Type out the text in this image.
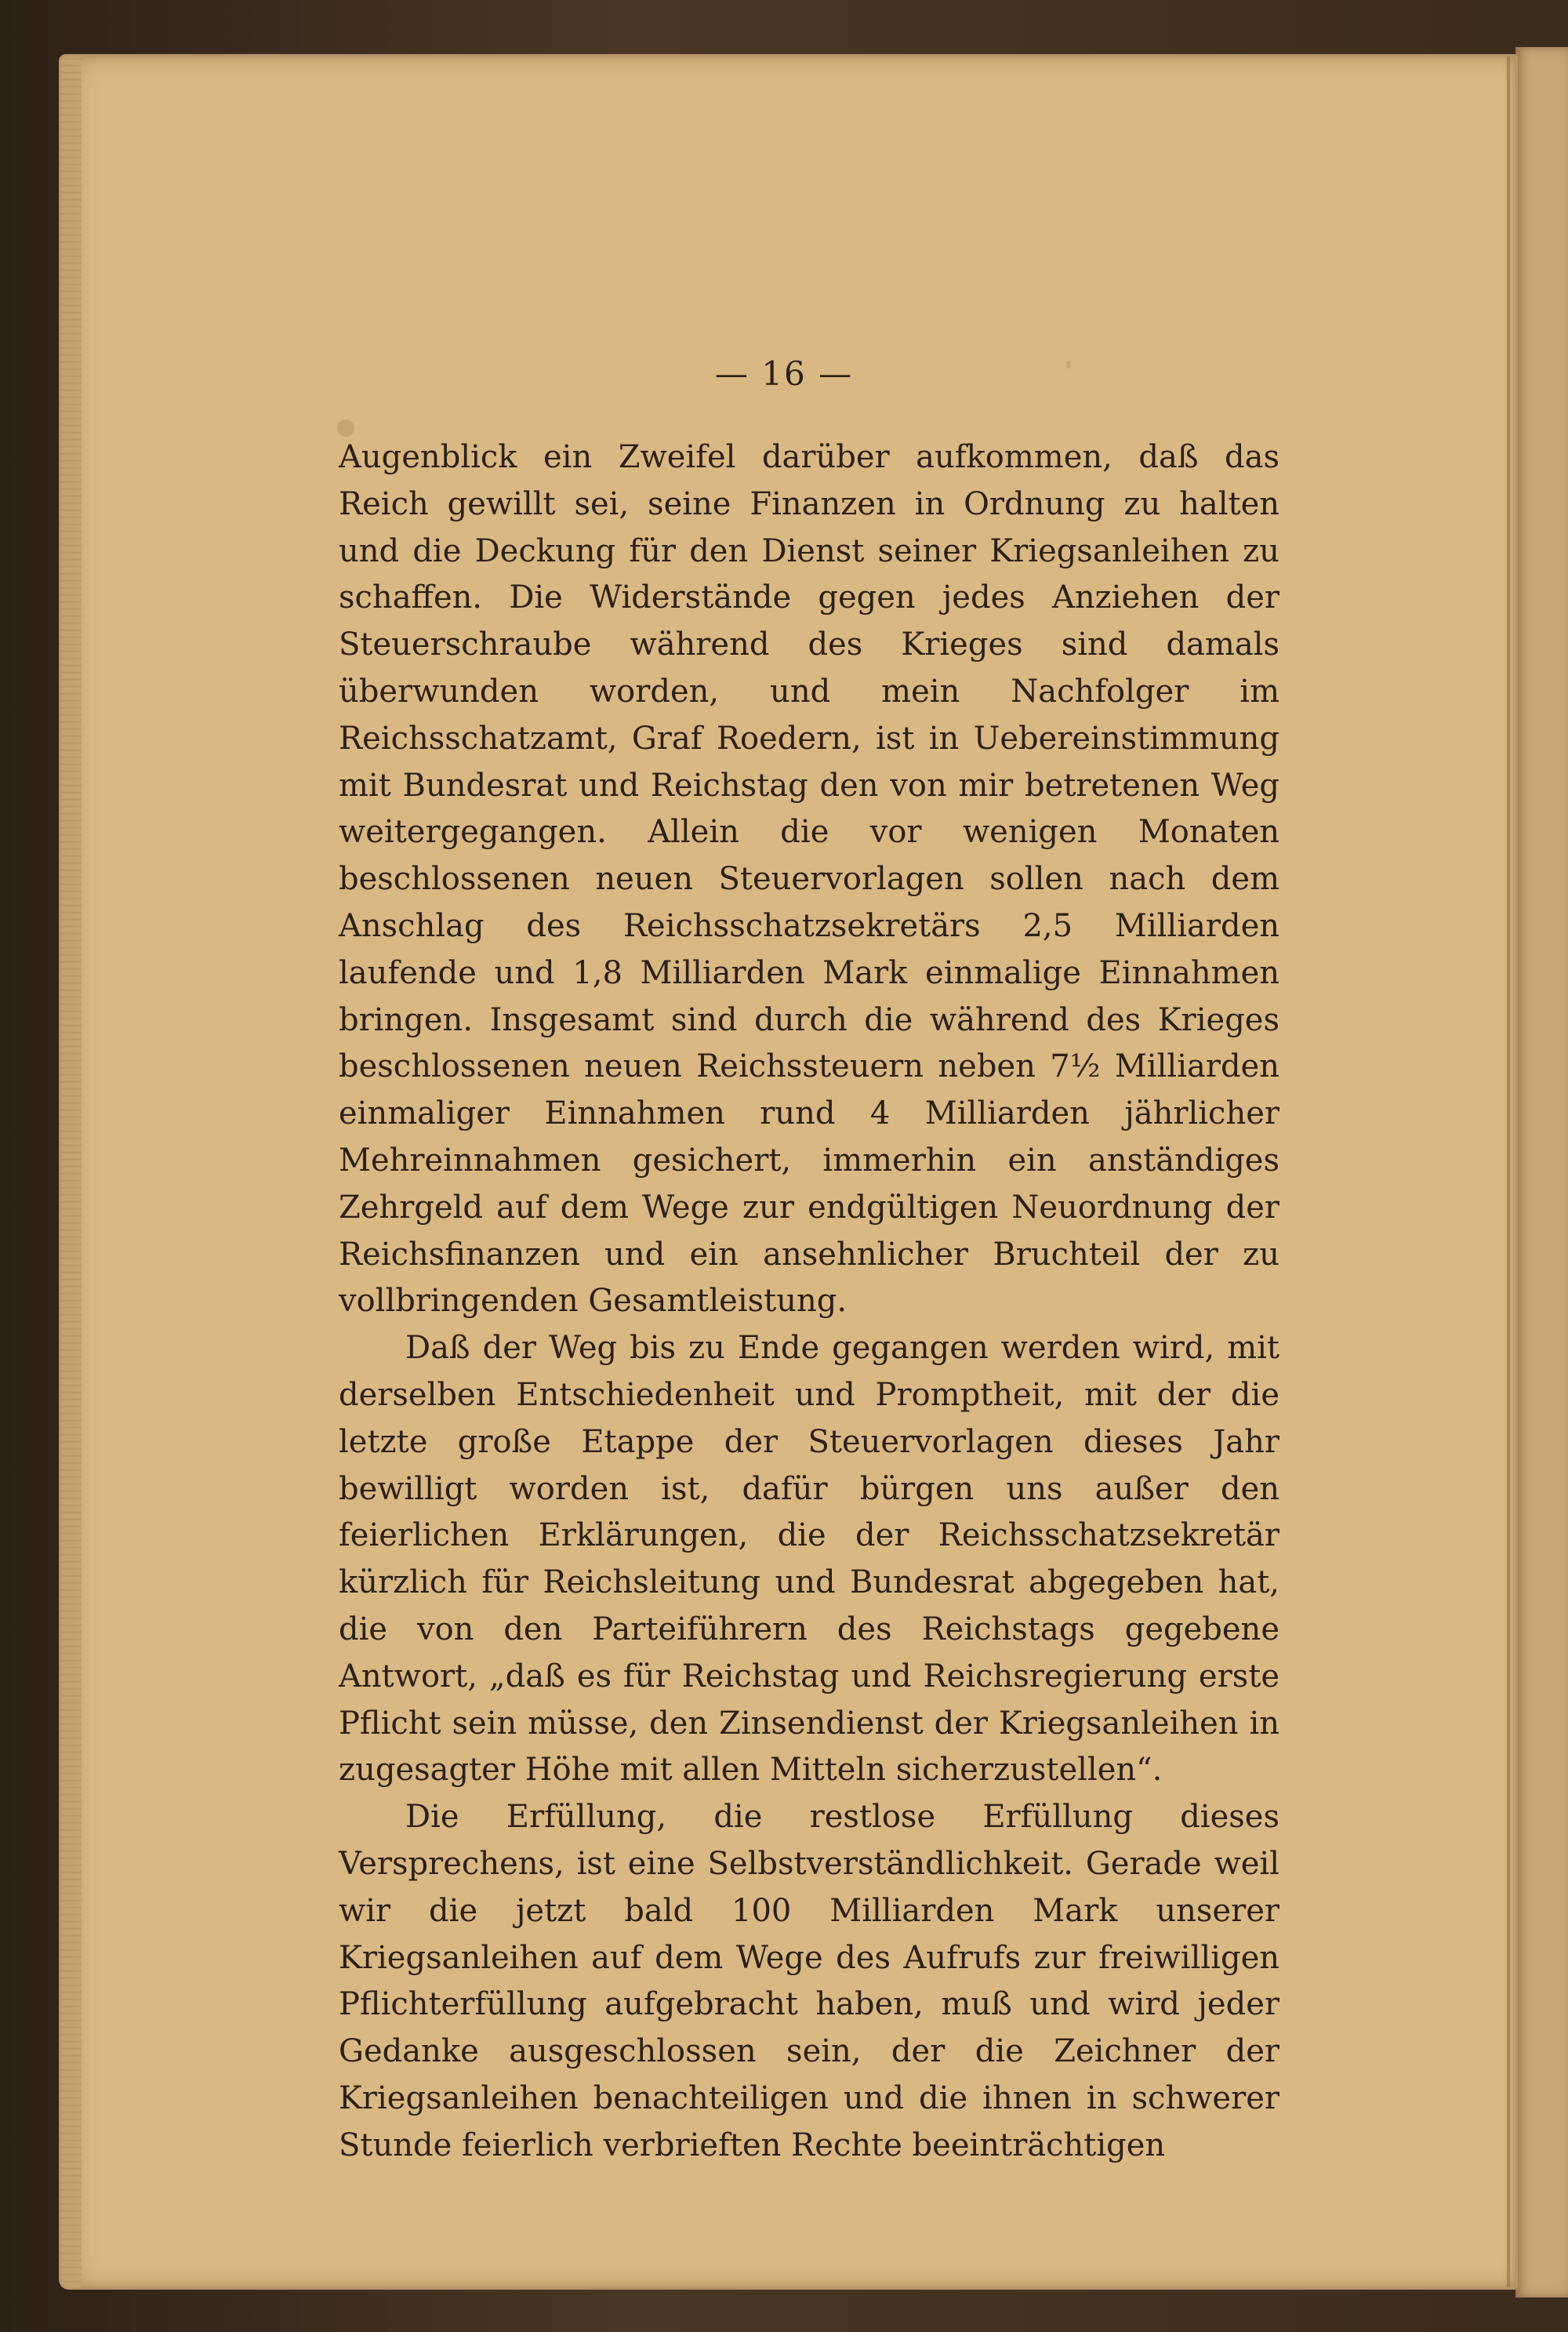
— 16 —

Augenblick ein Zweifel darüber aufkommen, daß das Reich gewillt sei, seine Finanzen in Ordnung zu halten und die Deckung für den Dienst seiner Kriegsanleihen zu schaffen. Die Widerstände gegen jedes Anziehen der Steuerschraube während des Krieges sind damals überwunden worden, und mein Nachfolger im Reichsschatzamt, Graf Roedern, ist in Uebereinstimmung mit Bundesrat und Reichstag den von mir betretenen Weg weitergegangen. Allein die vor wenigen Monaten beschlossenen neuen Steuervorlagen sollen nach dem Anschlag des Reichsschatzsekretärs 2,5 Milliarden laufende und 1,8 Milliarden Mark einmalige Einnahmen bringen. Insgesamt sind durch die während des Krieges beschlossenen neuen Reichssteuern neben 7½ Milliarden einmaliger Einnahmen rund 4 Milliarden jährlicher Mehreinnahmen gesichert, immerhin ein anständiges Zehrgeld auf dem Wege zur endgültigen Neuordnung der Reichsfinanzen und ein ansehnlicher Bruchteil der zu vollbringenden Gesamtleistung.

Daß der Weg bis zu Ende gegangen werden wird, mit derselben Entschiedenheit und Promptheit, mit der die letzte große Etappe der Steuervorlagen dieses Jahr bewilligt worden ist, dafür bürgen uns außer den feierlichen Erklärungen, die der Reichsschatzsekretär kürzlich für Reichsleitung und Bundesrat abgegeben hat, die von den Parteiführern des Reichstags gegebene Antwort, „daß es für Reichstag und Reichsregierung erste Pflicht sein müsse, den Zinsendienst der Kriegsanleihen in zugesagter Höhe mit allen Mitteln sicherzustellen“.

Die Erfüllung, die restlose Erfüllung dieses Versprechens, ist eine Selbstverständlichkeit. Gerade weil wir die jetzt bald 100 Milliarden Mark unserer Kriegsanleihen auf dem Wege des Aufrufs zur freiwilligen Pflichterfüllung aufgebracht haben, muß und wird jeder Gedanke ausgeschlossen sein, der die Zeichner der Kriegsanleihen benachteiligen und die ihnen in schwerer Stunde feierlich verbrieften Rechte beeinträchtigen
